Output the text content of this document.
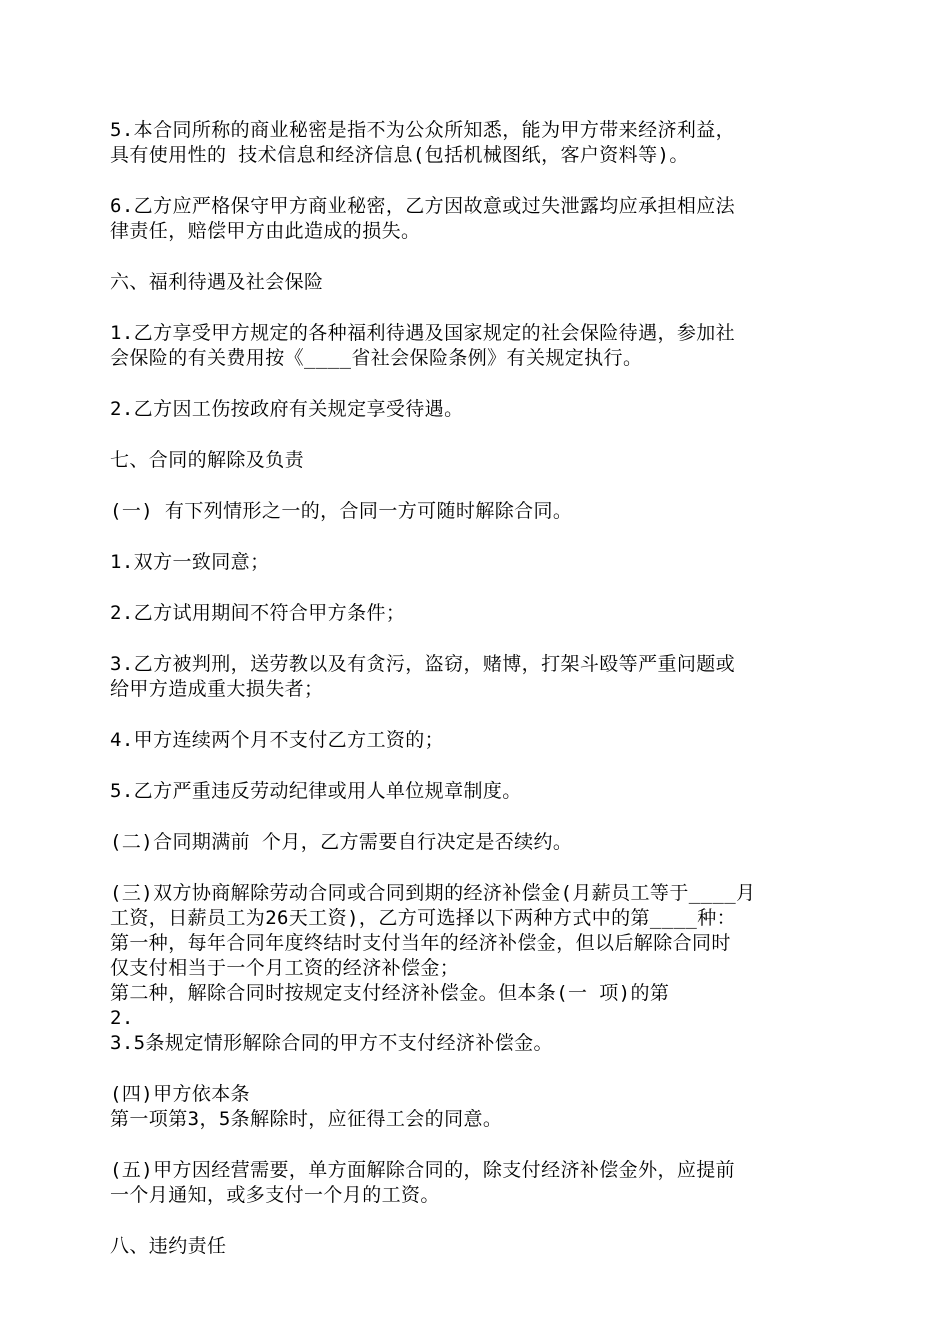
5.本合同所称的商业秘密是指不为公众所知悉，能为甲方带来经济利益，
具有使用性的 技术信息和经济信息(包括机械图纸，客户资料等)。
6.乙方应严格保守甲方商业秘密，乙方因故意或过失泄露均应承担相应法
律责任，赔偿甲方由此造成的损失。
六、福利待遇及社会保险
1.乙方享受甲方规定的各种福利待遇及国家规定的社会保险待遇，参加社
会保险的有关费用按《____省社会保险条例》有关规定执行。
2.乙方因工伤按政府有关规定享受待遇。
七、合同的解除及负责
(一) 有下列情形之一的，合同一方可随时解除合同。
1.双方一致同意；
2.乙方试用期间不符合甲方条件；
3.乙方被判刑，送劳教以及有贪污，盗窃，赌博，打架斗殴等严重问题或
给甲方造成重大损失者；
4.甲方连续两个月不支付乙方工资的；
5.乙方严重违反劳动纪律或用人单位规章制度。
(二)合同期满前 个月，乙方需要自行决定是否续约。
(三)双方协商解除劳动合同或合同到期的经济补偿金(月薪员工等于____月
工资，日薪员工为26天工资)，乙方可选择以下两种方式中的第____种：
第一种，每年合同年度终结时支付当年的经济补偿金，但以后解除合同时
仅支付相当于一个月工资的经济补偿金；
第二种，解除合同时按规定支付经济补偿金。但本条(一 项)的第
2.
3.5条规定情形解除合同的甲方不支付经济补偿金。
(四)甲方依本条
第一项第3，5条解除时，应征得工会的同意。
(五)甲方因经营需要，单方面解除合同的，除支付经济补偿金外，应提前
一个月通知，或多支付一个月的工资。
八、违约责任
